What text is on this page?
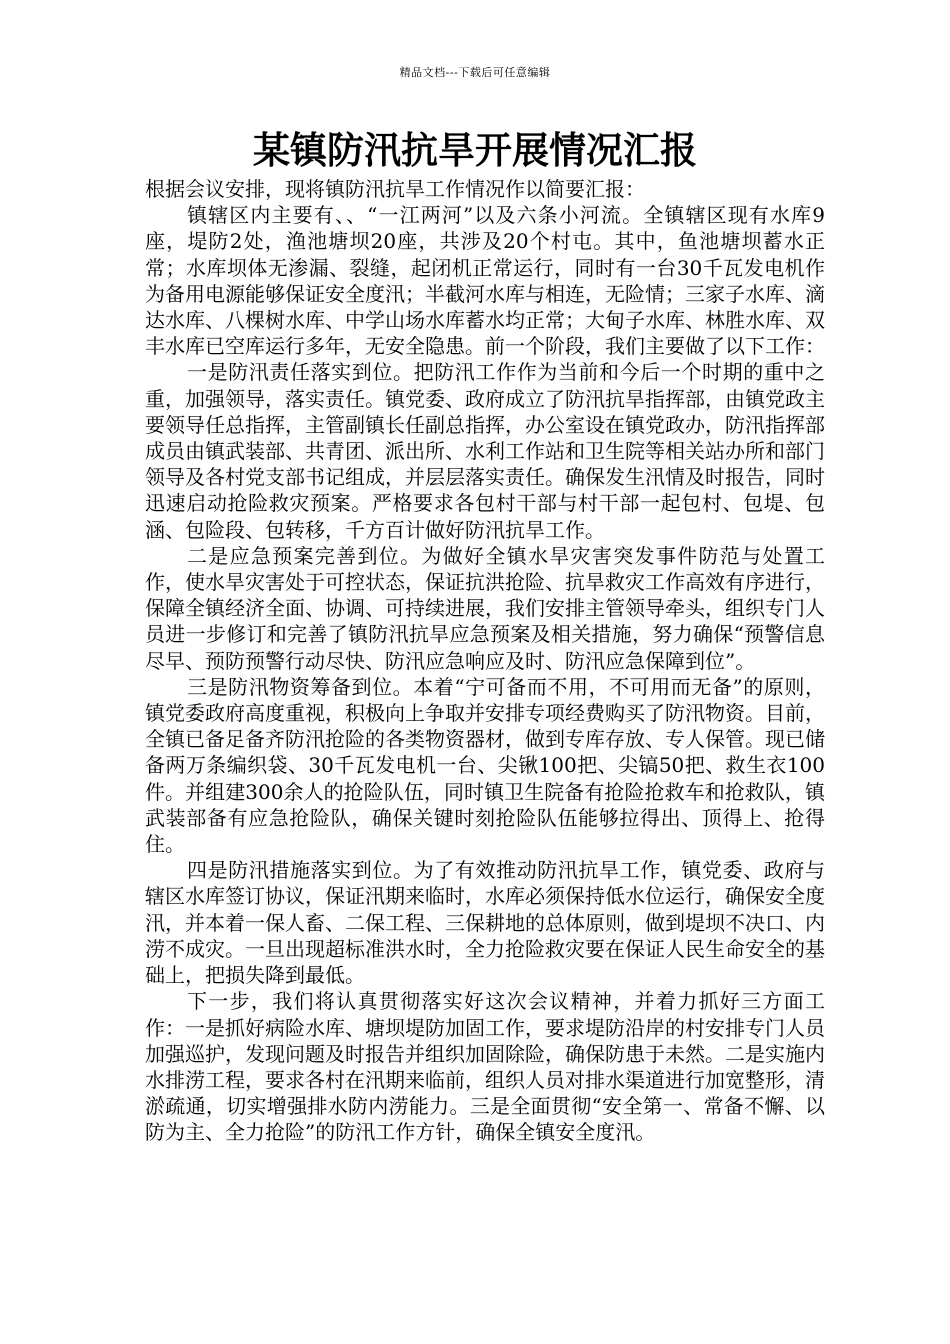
精品文档---下载后可任意编辑
某镇防汛抗旱开展情况汇报

根据会议安排，现将镇防汛抗旱工作情况作以简要汇报：

镇辖区内主要有、、“一江两河”以及六条小河流。全镇辖区现有水库9座，堤防2处，渔池塘坝20座，共涉及20个村屯。其中，鱼池塘坝蓄水正常；水库坝体无渗漏、裂缝，起闭机正常运行，同时有一台30千瓦发电机作为备用电源能够保证安全度汛；半截河水库与相连，无险情；三家子水库、滴达水库、八棵树水库、中学山场水库蓄水均正常；大甸子水库、林胜水库、双丰水库已空库运行多年，无安全隐患。前一个阶段，我们主要做了以下工作：

一是防汛责任落实到位。把防汛工作作为当前和今后一个时期的重中之重，加强领导，落实责任。镇党委、政府成立了防汛抗旱指挥部，由镇党政主要领导任总指挥，主管副镇长任副总指挥，办公室设在镇党政办，防汛指挥部成员由镇武装部、共青团、派出所、水利工作站和卫生院等相关站办所和部门领导及各村党支部书记组成，并层层落实责任。确保发生汛情及时报告，同时迅速启动抢险救灾预案。严格要求各包村干部与村干部一起包村、包堤、包涵、包险段、包转移，千方百计做好防汛抗旱工作。

二是应急预案完善到位。为做好全镇水旱灾害突发事件防范与处置工作，使水旱灾害处于可控状态，保证抗洪抢险、抗旱救灾工作高效有序进行，保障全镇经济全面、协调、可持续进展，我们安排主管领导牵头，组织专门人员进一步修订和完善了镇防汛抗旱应急预案及相关措施，努力确保“预警信息尽早、预防预警行动尽快、防汛应急响应及时、防汛应急保障到位”。

三是防汛物资筹备到位。本着“宁可备而不用，不可用而无备”的原则，镇党委政府高度重视，积极向上争取并安排专项经费购买了防汛物资。目前，全镇已备足备齐防汛抢险的各类物资器材，做到专库存放、专人保管。现已储备两万条编织袋、30千瓦发电机一台、尖锹100把、尖镐50把、救生衣100件。并组建300余人的抢险队伍，同时镇卫生院备有抢险抢救车和抢救队，镇武装部备有应急抢险队，确保关键时刻抢险队伍能够拉得出、顶得上、抢得住。

四是防汛措施落实到位。为了有效推动防汛抗旱工作，镇党委、政府与辖区水库签订协议，保证汛期来临时，水库必须保持低水位运行，确保安全度汛，并本着一保人畜、二保工程、三保耕地的总体原则，做到堤坝不决口、内涝不成灾。一旦出现超标准洪水时，全力抢险救灾要在保证人民生命安全的基础上，把损失降到最低。

下一步，我们将认真贯彻落实好这次会议精神，并着力抓好三方面工作：一是抓好病险水库、塘坝堤防加固工作，要求堤防沿岸的村安排专门人员加强巡护，发现问题及时报告并组织加固除险，确保防患于未然。二是实施内水排涝工程，要求各村在汛期来临前，组织人员对排水渠道进行加宽整形，清淤疏通，切实增强排水防内涝能力。三是全面贯彻“安全第一、常备不懈、以防为主、全力抢险”的防汛工作方针，确保全镇安全度汛。
